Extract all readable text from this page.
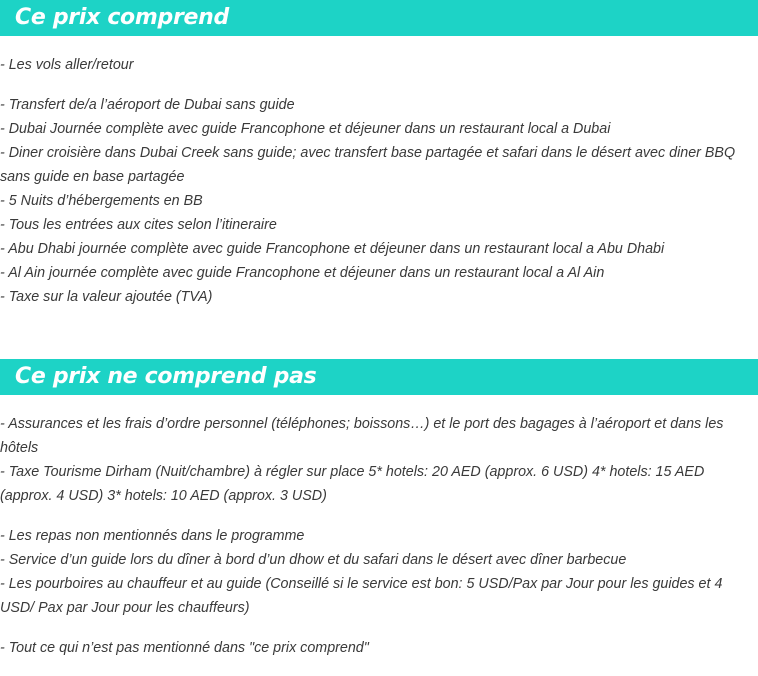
Ce prix comprend

- Les vols aller/retour

- Transfert de/a l’aéroport de Dubai sans guide

- Dubai Journée complète avec guide Francophone et déjeuner dans un restaurant local a Dubai

- Diner croisière dans Dubai Creek sans guide; avec transfert base partagée et safari dans le désert avec diner BBQ sans guide en base partagée

- 5 Nuits d’hébergements en BB

- Tous les entrées aux cites selon l’itineraire

- Abu Dhabi journée complète avec guide Francophone et déjeuner dans un restaurant local a Abu Dhabi

- Al Ain journée complète avec guide Francophone et déjeuner dans un restaurant local a Al Ain

- Taxe sur la valeur ajoutée (TVA)

Ce prix ne comprend pas

- Assurances et les frais d’ordre personnel (téléphones; boissons…) et le port des bagages à l’aéroport et dans les hôtels

- Taxe Tourisme Dirham (Nuit/chambre) à régler sur place 5* hotels: 20 AED (approx. 6 USD) 4* hotels: 15 AED (approx. 4 USD) 3* hotels: 10 AED (approx. 3 USD)

- Les repas non mentionnés dans le programme

- Service d’un guide lors du dîner à bord d’un dhow et du safari dans le désert avec dîner barbecue

- Les pourboires au chauffeur et au guide (Conseillé si le service est bon: 5 USD/Pax par Jour pour les guides et 4 USD/ Pax par Jour pour les chauffeurs)

- Tout ce qui n’est pas mentionné dans "ce prix comprend"
